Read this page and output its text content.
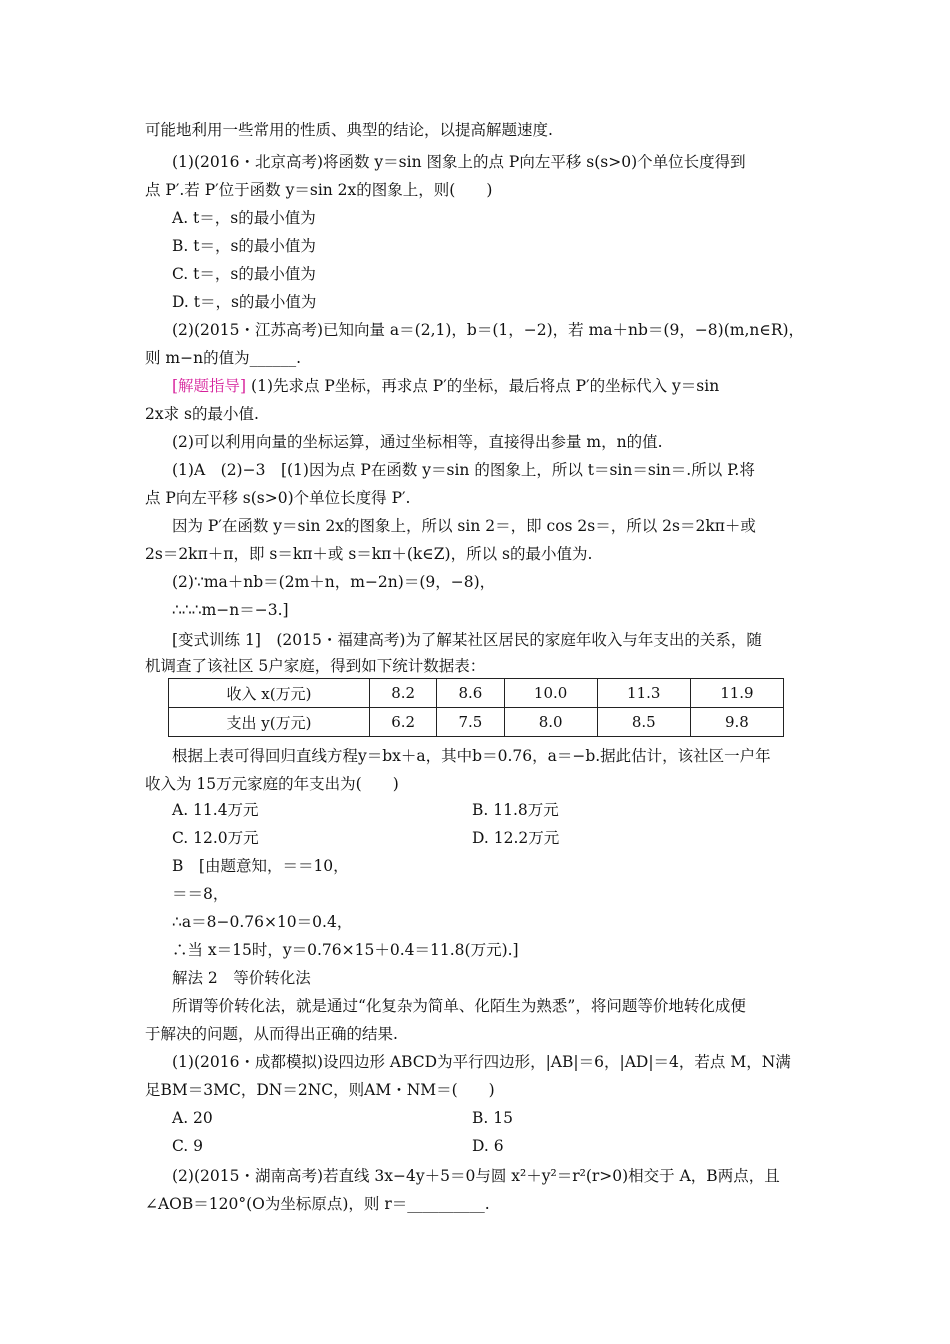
可能地利用一些常用的性质、典型的结论，以提高解题速度.
(1)(2016・北京高考)将函数 y＝sin 图象上的点 P向左平移 s(s>0)个单位长度得到
点 P′.若 P′位于函数 y＝sin 2x的图象上，则(　　)
A. t＝，s的最小值为
B. t＝，s的最小值为
C. t＝，s的最小值为
D. t＝，s的最小值为
(2)(2015・江苏高考)已知向量 a＝(2,1)，b＝(1，−2)，若 ma＋nb＝(9，−8)(m,n∈R)，
则 m−n的值为______.
[解题指导] (1)先求点 P坐标，再求点 P′的坐标，最后将点 P′的坐标代入 y＝sin
2x求 s的最小值.
(2)可以利用向量的坐标运算，通过坐标相等，直接得出参量 m，n的值.
(1)A　(2)−3　[(1)因为点 P在函数 y＝sin 的图象上，所以 t＝sin＝sin＝.所以 P.将
点 P向左平移 s(s>0)个单位长度得 P′.
因为 P′在函数 y＝sin 2x的图象上，所以 sin 2＝，即 cos 2s＝，所以 2s＝2kπ＋或
2s＝2kπ＋π，即 s＝kπ＋或 s＝kπ＋(k∈Z)，所以 s的最小值为.
(2)∵ma＋nb＝(2m＋n，m−2n)＝(9，−8)，
∴∴∴m−n＝−3.]
[变式训练 1]　(2015・福建高考)为了解某社区居民的家庭年收入与年支出的关系，随
机调查了该社区 5户家庭，得到如下统计数据表：
收入 x(万元)	8.2	8.6	10.0	11.3	11.9
支出 y(万元)	6.2	7.5	8.0	8.5	9.8
根据上表可得回归直线方程y＝bx＋a，其中b＝0.76，a＝−b.据此估计，该社区一户年
收入为 15万元家庭的年支出为(　　)
A. 11.4万元	B. 11.8万元
C. 12.0万元	D. 12.2万元
B　[由题意知，＝＝10，
＝＝8，
∴a＝8−0.76×10＝0.4，
∴当 x＝15时，y＝0.76×15＋0.4＝11.8(万元).]
解法 2　等价转化法
所谓等价转化法，就是通过“化复杂为简单、化陌生为熟悉”，将问题等价地转化成便
于解决的问题，从而得出正确的结果.
(1)(2016・成都模拟)设四边形 ABCD为平行四边形，|AB|＝6，|AD|＝4，若点 M，N满
足BM＝3MC，DN＝2NC，则AM・NM＝(　　)
A. 20	B. 15
C. 9	D. 6
(2)(2015・湖南高考)若直线 3x−4y＋5＝0与圆 x²＋y²＝r²(r>0)相交于 A，B两点，且
∠AOB＝120°(O为坐标原点)，则 r＝__________.
